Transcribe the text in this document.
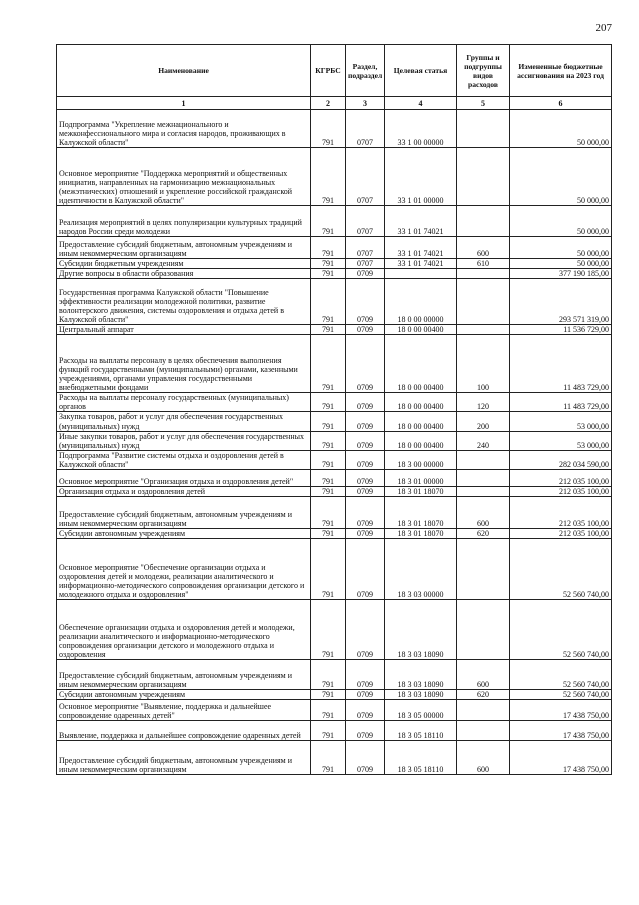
207
Наименование	КГРБС	Раздел, подраздел	Целевая статья	Группы и подгруппы видов расходов	Измененные бюджетные ассигнования на 2023 год
1	2	3	4	5	6
Подпрограмма "Укрепление межнационального и межконфессионального мира и согласия народов, проживающих в Калужской области"	791	0707	33 1 00 00000		50 000,00
Основное мероприятие "Поддержка мероприятий и общественных инициатив, направленных на гармонизацию межнациональных (межэтнических) отношений и укрепление российской гражданской идентичности в Калужской области"	791	0707	33 1 01 00000		50 000,00
Реализация мероприятий в целях популяризации культурных традиций народов России среди молодежи	791	0707	33 1 01 74021		50 000,00
Предоставление субсидий бюджетным, автономным учреждениям и иным некоммерческим организациям	791	0707	33 1 01 74021	600	50 000,00
Субсидии бюджетным учреждениям	791	0707	33 1 01 74021	610	50 000,00
Другие вопросы в области образования	791	0709			377 190 185,00
Государственная программа Калужской области "Повышение эффективности реализации молодежной политики, развитие волонтерского движения, системы оздоровления и отдыха детей в Калужской области"	791	0709	18 0 00 00000		293 571 319,00
Центральный аппарат	791	0709	18 0 00 00400		11 536 729,00
Расходы на выплаты персоналу в целях обеспечения выполнения функций государственными (муниципальными) органами, казенными учреждениями, органами управления государственными внебюджетными фондами	791	0709	18 0 00 00400	100	11 483 729,00
Расходы на выплаты персоналу государственных (муниципальных) органов	791	0709	18 0 00 00400	120	11 483 729,00
Закупка товаров, работ и услуг для обеспечения государственных (муниципальных) нужд	791	0709	18 0 00 00400	200	53 000,00
Иные закупки товаров, работ и услуг для обеспечения государственных (муниципальных) нужд	791	0709	18 0 00 00400	240	53 000,00
Подпрограмма "Развитие системы отдыха и оздоровления детей в Калужской области"	791	0709	18 3 00 00000		282 034 590,00
Основное мероприятие "Организация отдыха и оздоровления детей"	791	0709	18 3 01 00000		212 035 100,00
Организация отдыха и оздоровления детей	791	0709	18 3 01 18070		212 035 100,00
Предоставление субсидий бюджетным, автономным учреждениям и иным некоммерческим организациям	791	0709	18 3 01 18070	600	212 035 100,00
Субсидии автономным учреждениям	791	0709	18 3 01 18070	620	212 035 100,00
Основное мероприятие "Обеспечение организации отдыха и оздоровления детей и молодежи, реализации аналитического и информационно-методического сопровождения организации детского и молодежного отдыха и оздоровления"	791	0709	18 3 03 00000		52 560 740,00
Обеспечение организации отдыха и оздоровления детей и молодежи, реализации аналитического и информационно-методического сопровождения организации детского и молодежного отдыха и оздоровления	791	0709	18 3 03 18090		52 560 740,00
Предоставление субсидий бюджетным, автономным учреждениям и иным некоммерческим организациям	791	0709	18 3 03 18090	600	52 560 740,00
Субсидии автономным учреждениям	791	0709	18 3 03 18090	620	52 560 740,00
Основное мероприятие "Выявление, поддержка и дальнейшее сопровождение одаренных детей"	791	0709	18 3 05 00000		17 438 750,00
Выявление, поддержка и дальнейшее сопровождение одаренных детей	791	0709	18 3 05 18110		17 438 750,00
Предоставление субсидий бюджетным, автономным учреждениям и иным некоммерческим организациям	791	0709	18 3 05 18110	600	17 438 750,00
